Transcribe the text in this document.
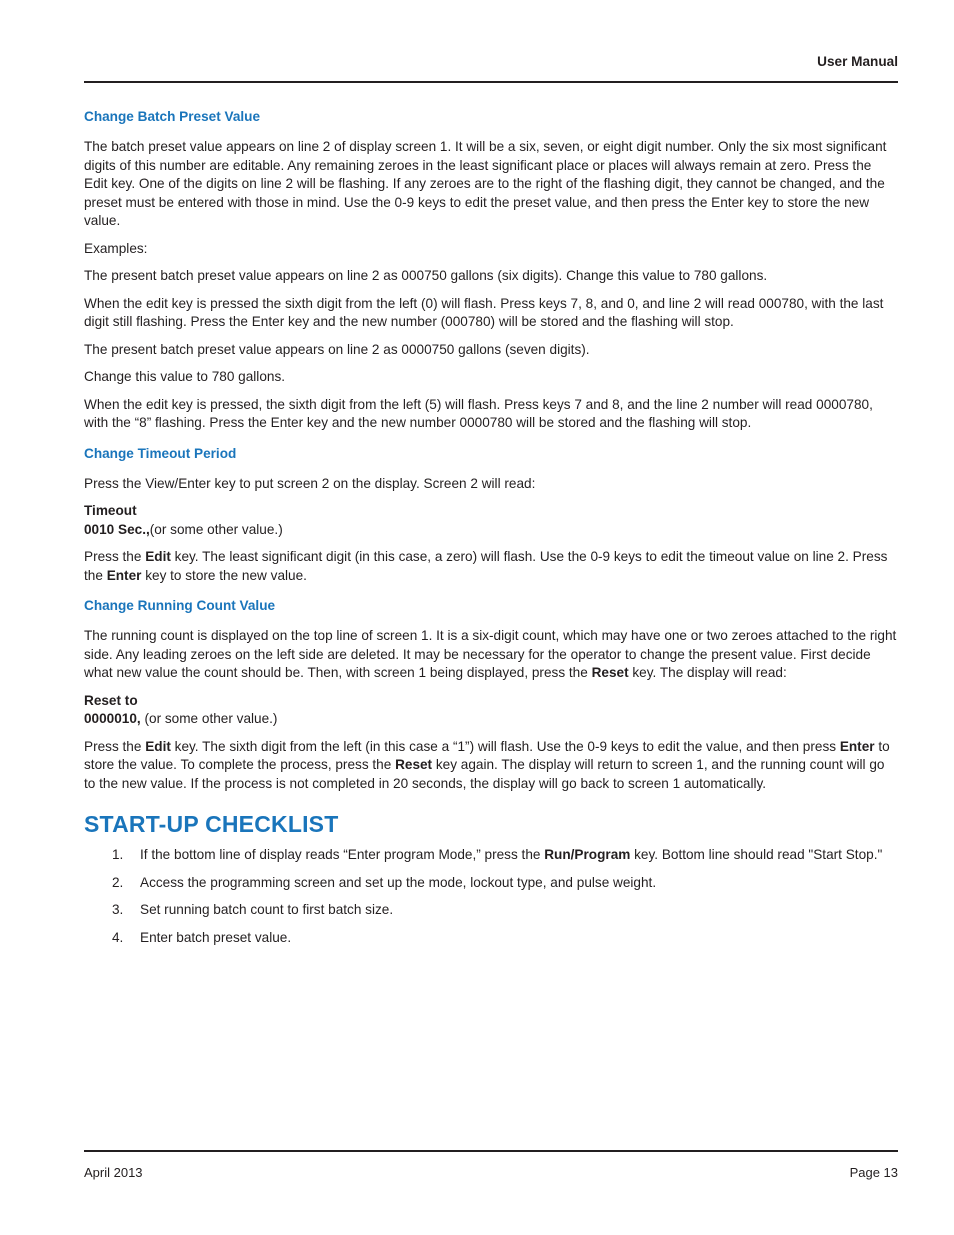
User Manual
Change Batch Preset Value

The batch preset value appears on line 2 of display screen 1. It will be a six, seven, or eight digit number. Only the six most significant digits of this number are editable. Any remaining zeroes in the least significant place or places will always remain at zero. Press the Edit key. One of the digits on line 2 will be flashing. If any zeroes are to the right of the flashing digit, they cannot be changed, and the preset must be entered with those in mind. Use the 0-9 keys to edit the preset value, and then press the Enter key to store the new value.

Examples:

The present batch preset value appears on line 2 as 000750 gallons (six digits). Change this value to 780 gallons.

When the edit key is pressed the sixth digit from the left (0) will flash. Press keys 7, 8, and 0, and line 2 will read 000780, with the last digit still flashing. Press the Enter key and the new number (000780) will be stored and the flashing will stop.

The present batch preset value appears on line 2 as 0000750 gallons (seven digits).

Change this value to 780 gallons.

When the edit key is pressed, the sixth digit from the left (5) will flash. Press keys 7 and 8, and the line 2 number will read 0000780, with the “8” flashing. Press the Enter key and the new number 0000780 will be stored and the flashing will stop.

Change Timeout Period

Press the View/Enter key to put screen 2 on the display. Screen 2 will read:

Timeout
0010 Sec.,(or some other value.)

Press the Edit key. The least significant digit (in this case, a zero) will flash. Use the 0-9 keys to edit the timeout value on line 2. Press the Enter key to store the new value.

Change Running Count Value

The running count is displayed on the top line of screen 1. It is a six-digit count, which may have one or two zeroes attached to the right side. Any leading zeroes on the left side are deleted. It may be necessary for the operator to change the present value. First decide what new value the count should be. Then, with screen 1 being displayed, press the Reset key. The display will read:

Reset to
0000010, (or some other value.)

Press the Edit key. The sixth digit from the left (in this case a “1”) will flash. Use the 0-9 keys to edit the value, and then press Enter to store the value. To complete the process, press the Reset key again. The display will return to screen 1, and the running count will go to the new value. If the process is not completed in 20 seconds, the display will go back to screen 1 automatically.

START-UP CHECKLIST
1. If the bottom line of display reads “Enter program Mode,” press the Run/Program key. Bottom line should read "Start Stop."
2. Access the programming screen and set up the mode, lockout type, and pulse weight.
3. Set running batch count to first batch size.
4. Enter batch preset value.
April 2013	Page 13
